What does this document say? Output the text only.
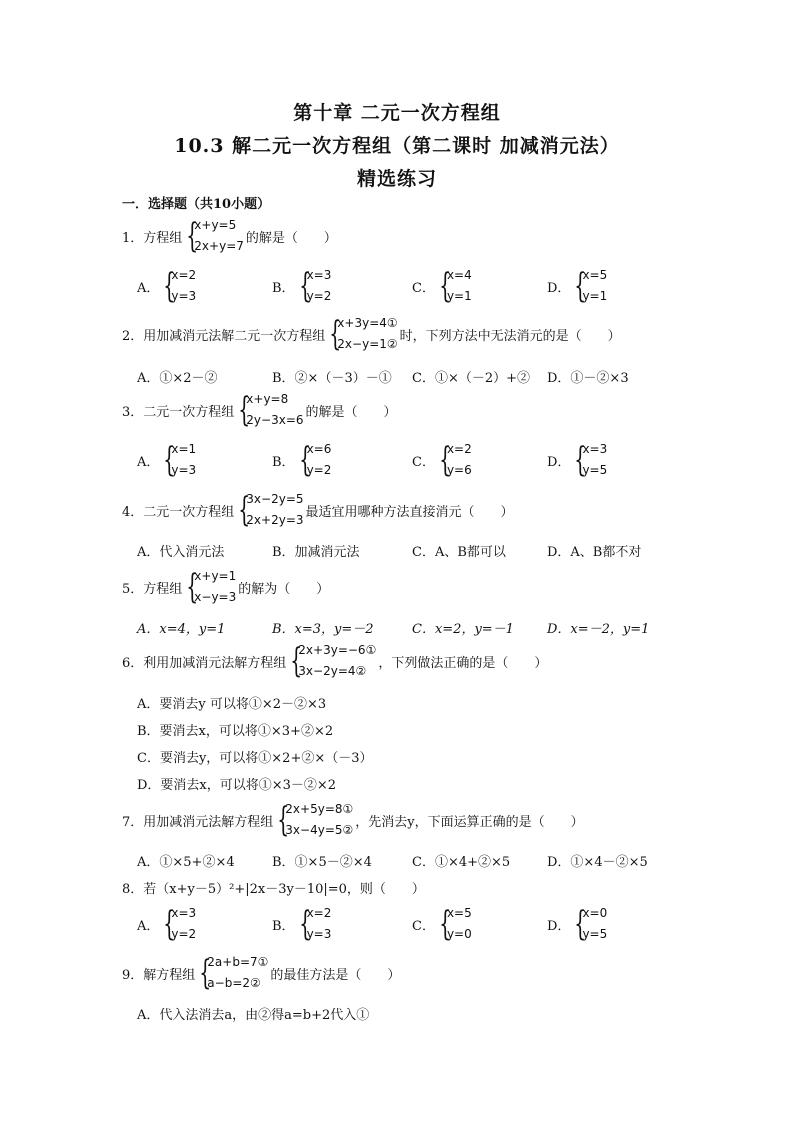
第十章 二元一次方程组
10.3 解二元一次方程组（第二课时 加减消元法）
精选练习
一．选择题（共10小题）
1． 方程组 {
x+y=5
2x+y=7
的解是（　　）
A． {
x=2
y=3
B． {
x=3
y=2
C． {
x=4
y=1
D． {
x=5
y=1
2． 用加减消元法解二元一次方程组 {
x+3y=4①
2x−y=1②
时，下列方法中无法消元的是（　　）
A．①×2－②	B．②×（－3）－① C．①×（－2）+② D．①－②×3
3． 二元一次方程组 {
x+y=8
2y−3x=6
的解是（　　）
A． {
x=1
y=3
B． {
x=6
y=2
C． {
x=2
y=6
D． {
x=3
y=5
4． 二元一次方程组 {
3x−2y=5
2x+2y=3
最适宜用哪种方法直接消元（　　）
A．代入消元法	B．加减消元法	C．A、B都可以	D．A、B都不对
5． 方程组 {
x+y=1
x−y=3
的解为（　　）
A．x=4，y=1	B．x=3，y=－2	C．x=2，y=－1	D．x=－2，y=1
6． 利用加减消元法解方程组 {
2x+3y=−6①
3x−2y=4②
，下列做法正确的是（　　）
A．要消去y 可以将①×2－②×3
B．要消去x，可以将①×3+②×2
C．要消去y，可以将①×2+②×（－3）
D．要消去x，可以将①×3－②×2
7． 用加减消元法解方程组 {
2x+5y=8①
3x−4y=5②
，先消去y，下面运算正确的是（　　）
A．①×5+②×4	B．①×5－②×4	C．①×4+②×5	D．①×4－②×5
8． 若（x+y－5）²+|2x－3y－10|=0，则（　　）
A． {
x=3
y=2
B． {
x=2
y=3
C． {
x=5
y=0
D． {
x=0
y=5
9． 解方程组 {
2a+b=7①
a−b=2②
的最佳方法是（　　）
A．代入法消去a，由②得a=b+2代入①
